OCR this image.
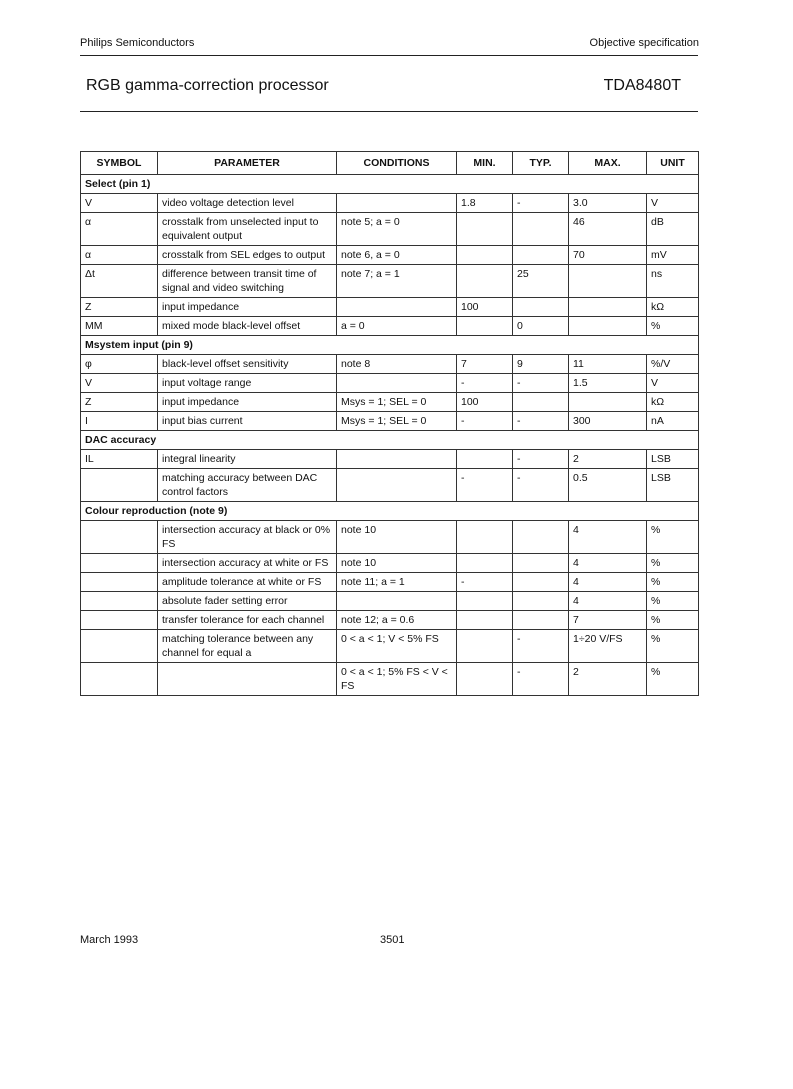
Philips Semiconductors	Objective specification
RGB gamma-correction processor	TDA8480T
SYMBOL	PARAMETER	CONDITIONS	MIN.	TYP.	MAX.	UNIT
Select (pin 1)						
V	video voltage detection level		1.8	-	3.0	V
α	crosstalk from unselected input to equivalent output	note 5; a = 0			46	dB
α	crosstalk from SEL edges to output	note 6, a = 0			70	mV
Δt	difference between transit time of signal and video switching	note 7; a = 1		25		ns
Z	input impedance		100			kΩ
MM	mixed mode black-level offset	a = 0		0		%
Msystem input (pin 9)						
φ	black-level offset sensitivity	note 8	7	9	11	%/V
V	input voltage range		-	-	1.5	V
Z	input impedance	Msys = 1; SEL = 0	100			kΩ
I	input bias current	Msys = 1; SEL = 0	-	-	300	nA
DAC accuracy						
IL	integral linearity			-	2	LSB
	matching accuracy between DAC control factors		-	-	0.5	LSB
Colour reproduction (note 9)						
	intersection accuracy at black or 0% FS	note 10			4	%
	intersection accuracy at white or FS	note 10			4	%
	amplitude tolerance at white or FS	note 11; a = 1	-		4	%
	absolute fader setting error				4	%
	transfer tolerance for each channel	note 12; a = 0.6			7	%
	matching tolerance between any channel for equal a	0 < a < 1; V < 5% FS		-	1÷20 V/FS	%
		0 < a < 1; 5% FS < V < FS		-	2	%
March 1993	3501
